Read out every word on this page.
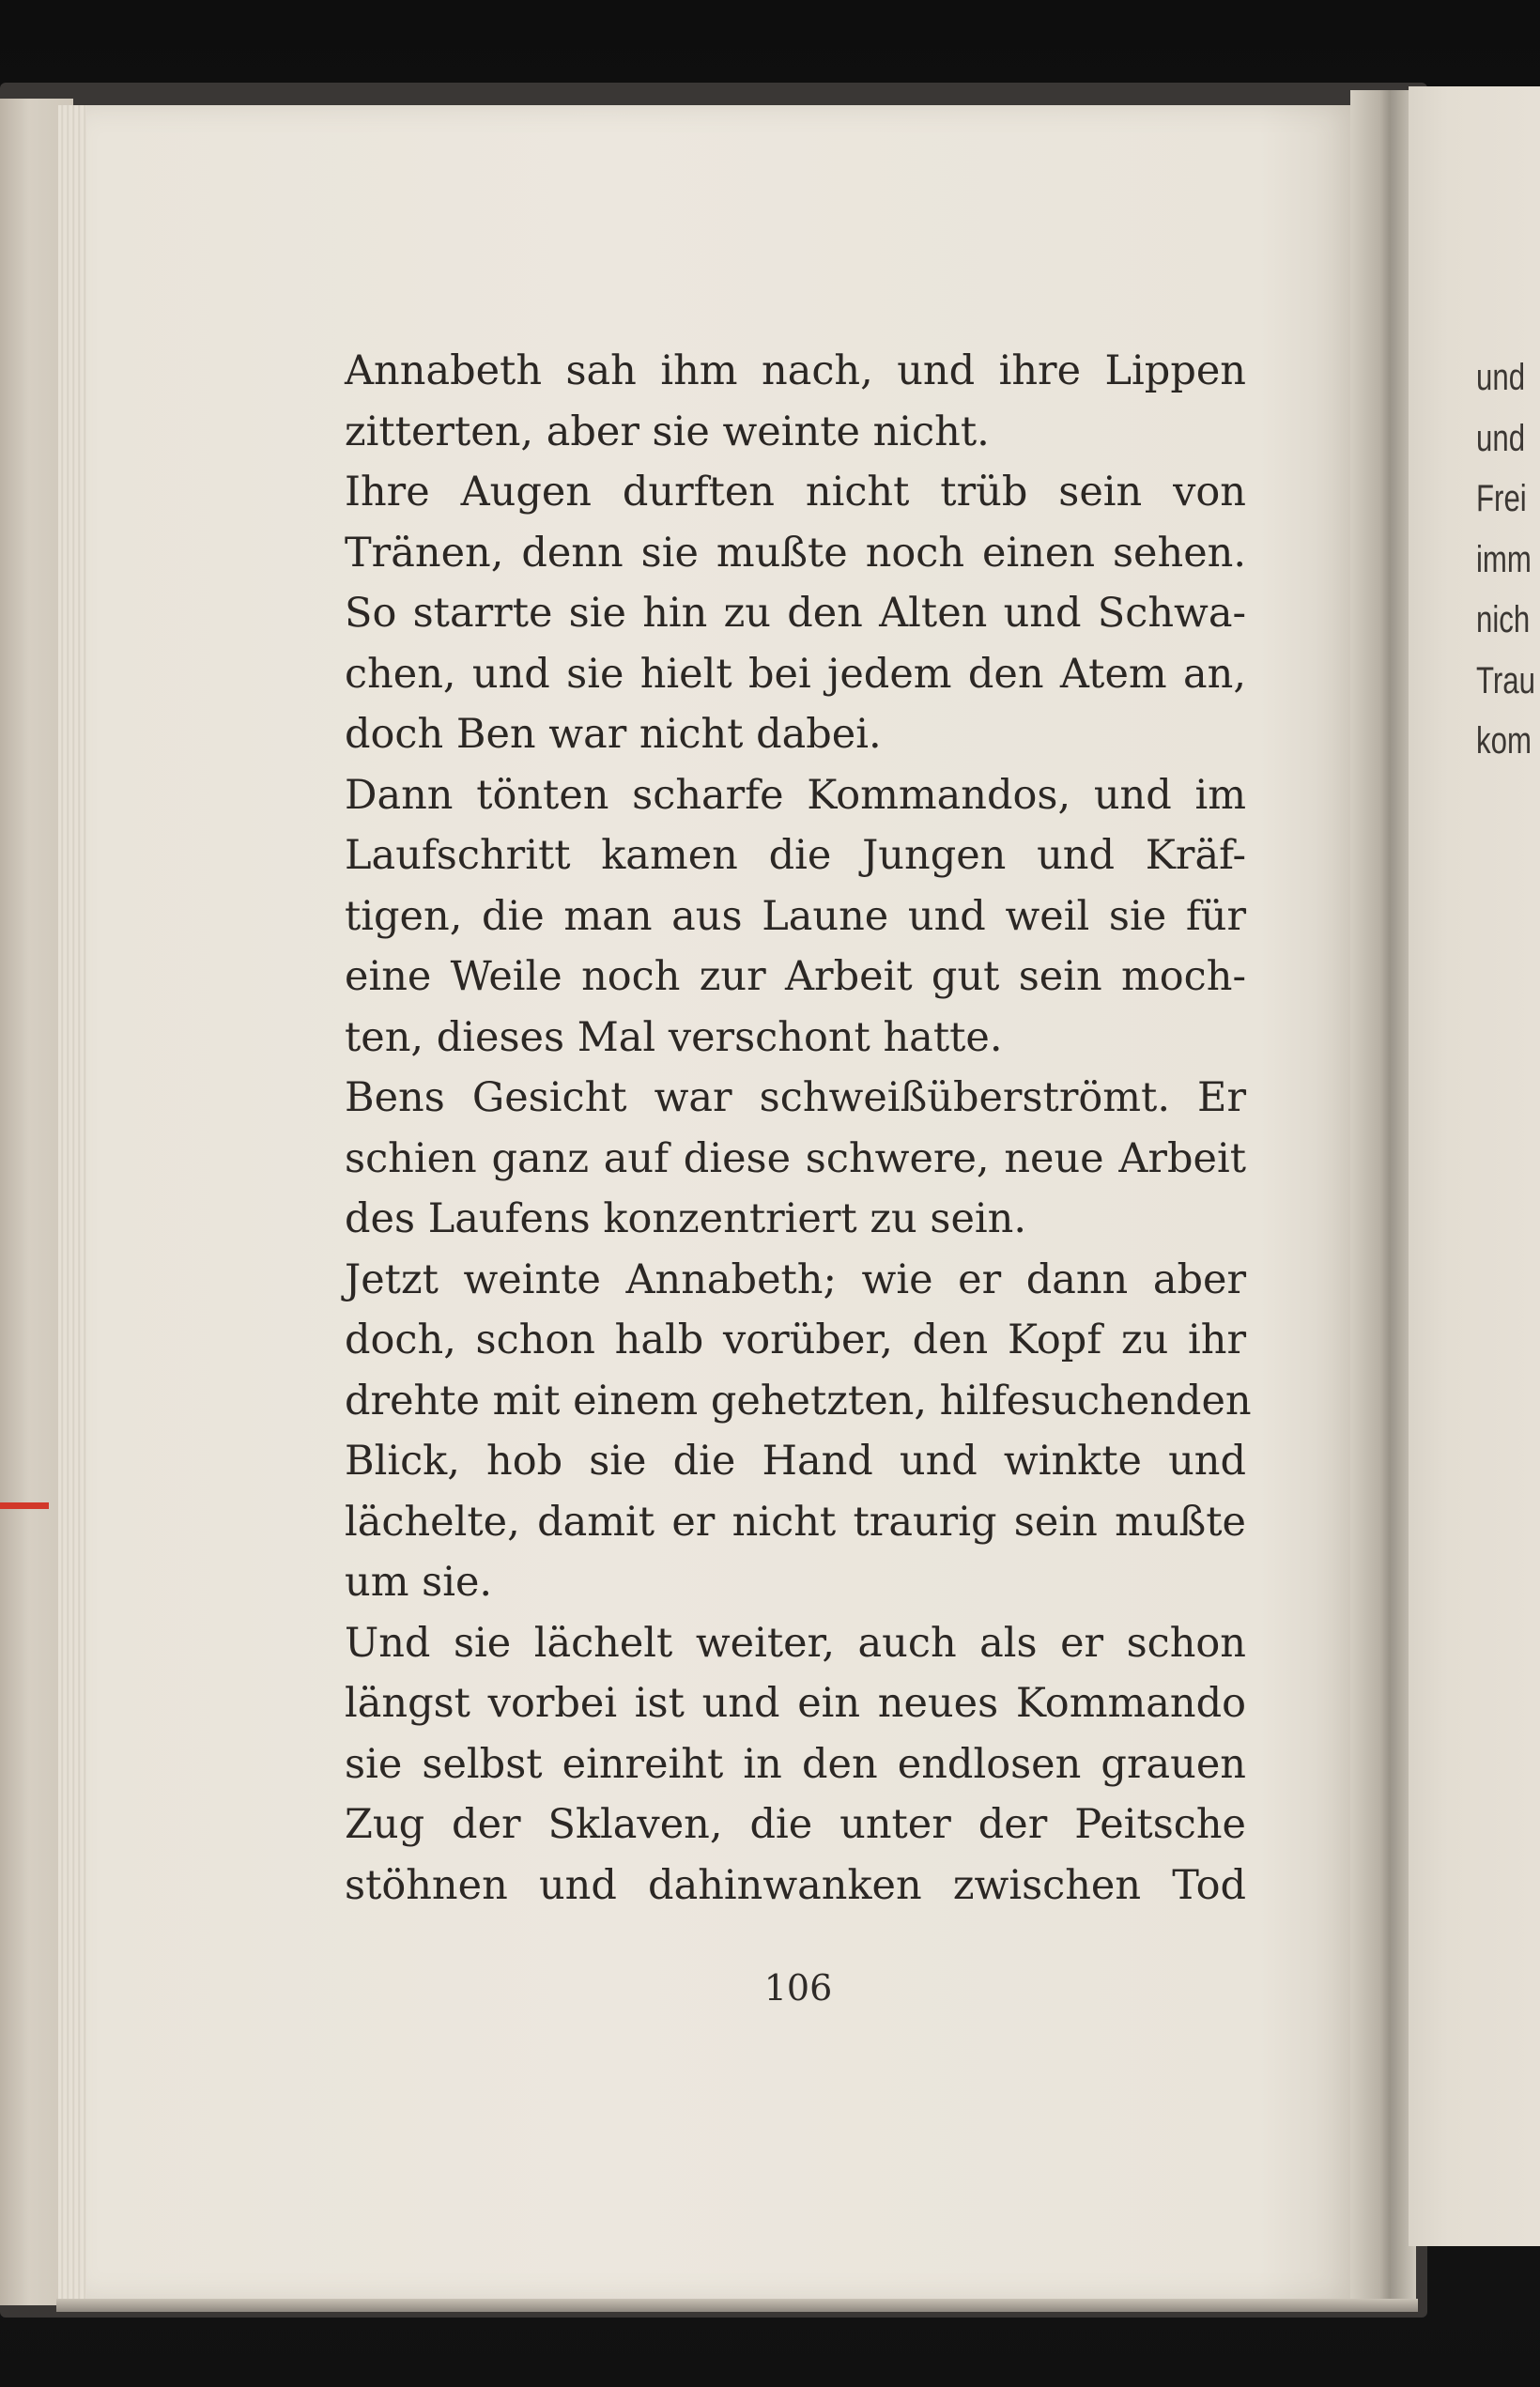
Annabeth sah ihm nach, und ihre Lippen
zitterten, aber sie weinte nicht.
Ihre Augen durften nicht trüb sein von
Tränen, denn sie mußte noch einen sehen.
So starrte sie hin zu den Alten und Schwa-
chen, und sie hielt bei jedem den Atem an,
doch Ben war nicht dabei.
Dann tönten scharfe Kommandos, und im
Laufschritt kamen die Jungen und Kräf-
tigen, die man aus Laune und weil sie für
eine Weile noch zur Arbeit gut sein moch-
ten, dieses Mal verschont hatte.
Bens Gesicht war schweißüberströmt. Er
schien ganz auf diese schwere, neue Arbeit
des Laufens konzentriert zu sein.
Jetzt weinte Annabeth; wie er dann aber
doch, schon halb vorüber, den Kopf zu ihr
drehte mit einem gehetzten, hilfesuchenden
Blick, hob sie die Hand und winkte und
lächelte, damit er nicht traurig sein mußte
um sie.
Und sie lächelt weiter, auch als er schon
längst vorbei ist und ein neues Kommando
sie selbst einreiht in den endlosen grauen
Zug der Sklaven, die unter der Peitsche
stöhnen und dahinwanken zwischen Tod
106
und
und
Frei
imm
nich
Trau
kom
